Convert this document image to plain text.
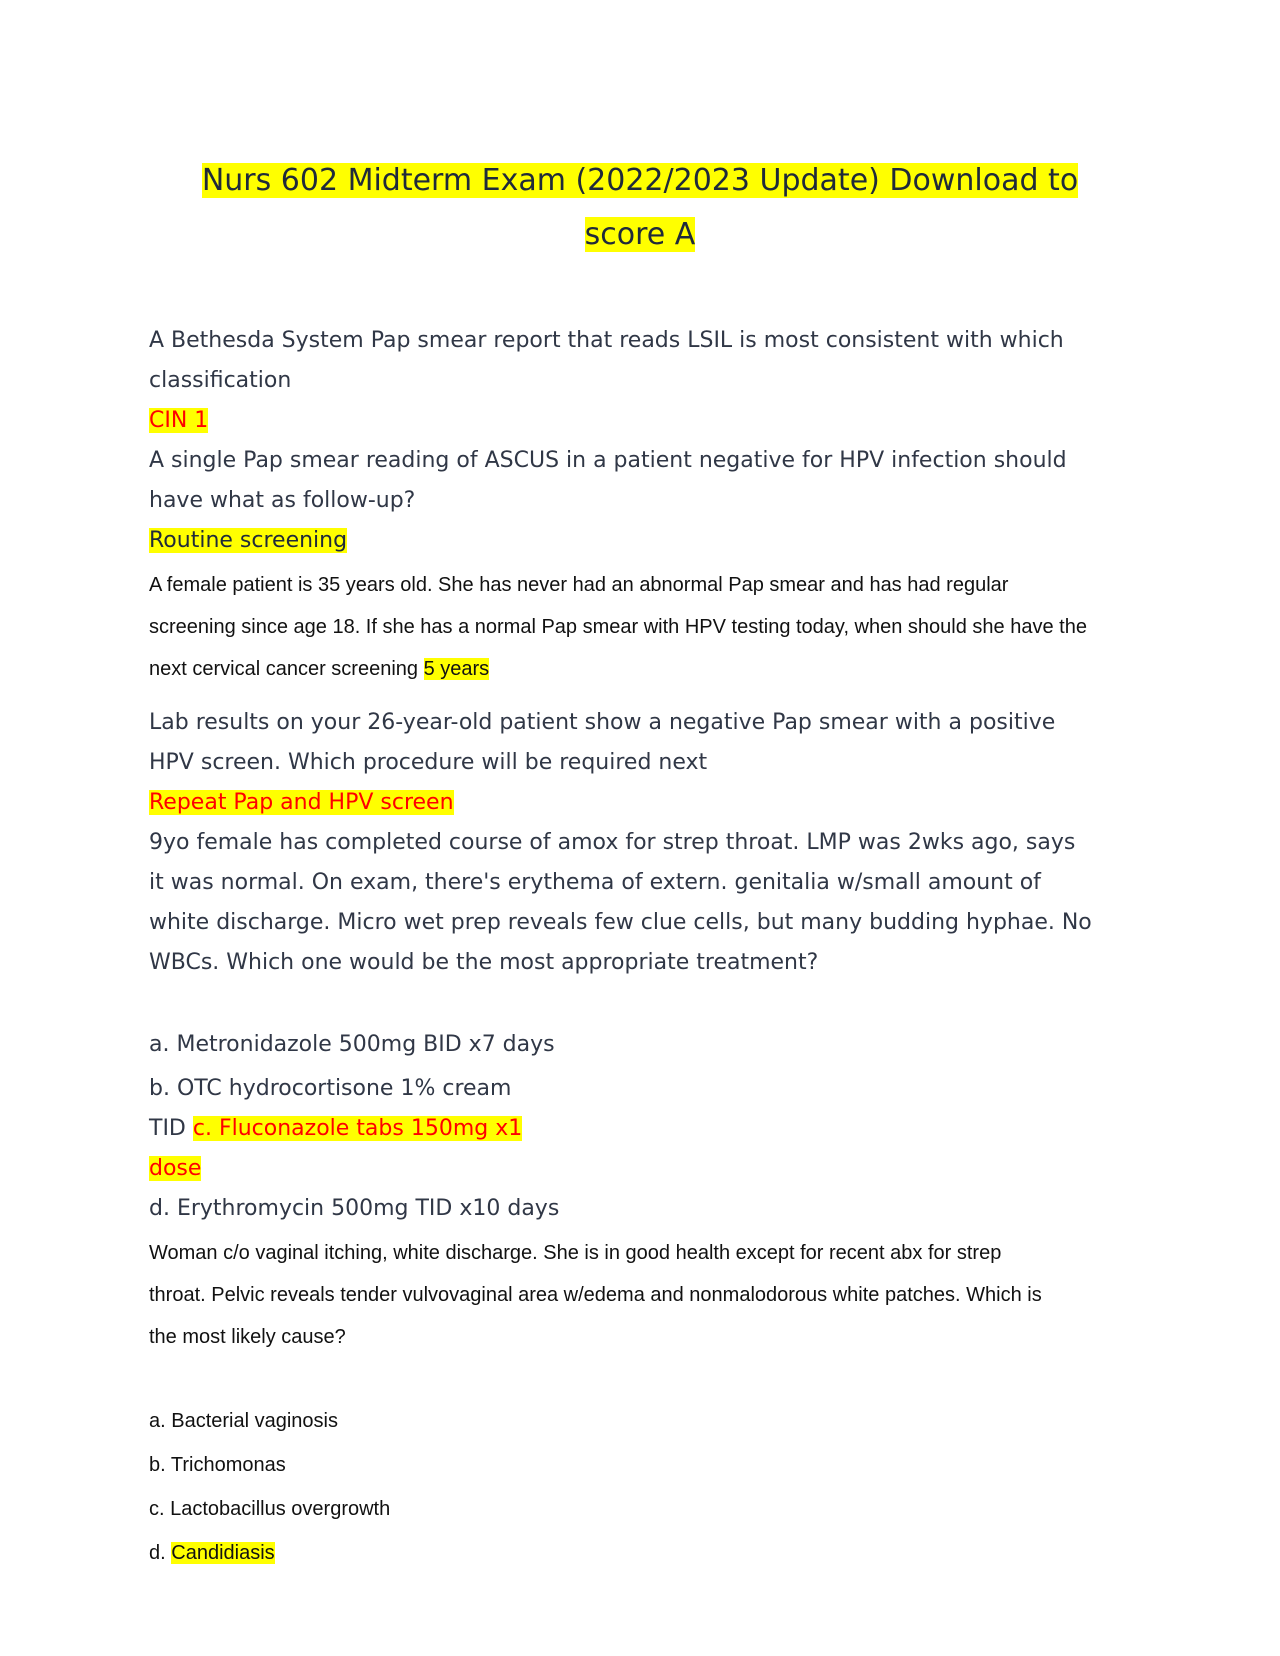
Nurs 602 Midterm Exam (2022/2023 Update) Download to
score A
A Bethesda System Pap smear report that reads LSIL is most consistent with which
classification
CIN 1
A single Pap smear reading of ASCUS in a patient negative for HPV infection should
have what as follow-up?
Routine screening
A female patient is 35 years old. She has never had an abnormal Pap smear and has had regular
screening since age 18. If she has a normal Pap smear with HPV testing today, when should she have the
next cervical cancer screening 5 years
Lab results on your 26-year-old patient show a negative Pap smear with a positive
HPV screen. Which procedure will be required next
Repeat Pap and HPV screen
9yo female has completed course of amox for strep throat. LMP was 2wks ago, says
it was normal. On exam, there's erythema of extern. genitalia w/small amount of
white discharge. Micro wet prep reveals few clue cells, but many budding hyphae. No
WBCs. Which one would be the most appropriate treatment?
a. Metronidazole 500mg BID x7 days
b. OTC hydrocortisone 1% cream
TID c. Fluconazole tabs 150mg x1
dose
d. Erythromycin 500mg TID x10 days
Woman c/o vaginal itching, white discharge. She is in good health except for recent abx for strep
throat. Pelvic reveals tender vulvovaginal area w/edema and nonmalodorous white patches. Which is
the most likely cause?
a. Bacterial vaginosis
b. Trichomonas
c. Lactobacillus overgrowth
d. Candidiasis
